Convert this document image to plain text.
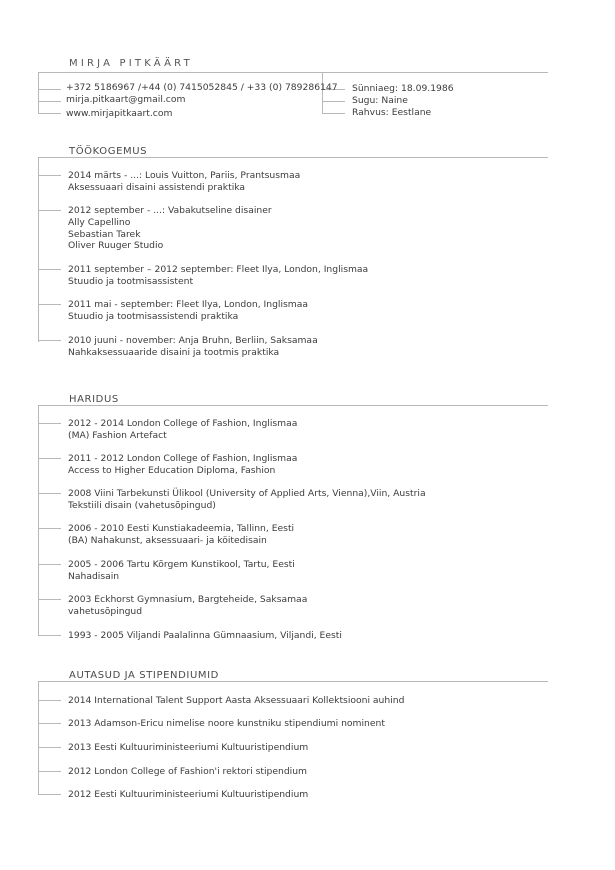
MIRJA PITKÄÄRT
+372 5186967 /+44 (0) 7415052845 / +33 (0) 789286147
mirja.pitkaart@gmail.com
www.mirjapitkaart.com
Sünniaeg: 18.09.1986
Sugu: Naine
Rahvus: Eestlane
TÖÖKOGEMUS
2014 märts - ...: Louis Vuitton, Pariis, Prantsusmaa
Aksessuaari disaini assistendi praktika
2012 september - ...: Vabakutseline disainer
Ally Capellino
Sebastian Tarek
Oliver Ruuger Studio
2011 september – 2012 september: Fleet Ilya, London, Inglismaa
Stuudio ja tootmisassistent
2011 mai - september: Fleet Ilya, London, Inglismaa
Stuudio ja tootmisassistendi praktika
2010 juuni - november: Anja Bruhn, Berliin, Saksamaa
Nahkaksessuaaride disaini ja tootmis praktika
HARIDUS
2012 - 2014 London College of Fashion, Inglismaa
(MA) Fashion Artefact
2011 - 2012 London College of Fashion, Inglismaa
Access to Higher Education Diploma, Fashion
2008 Viini Tarbekunsti Ülikool (University of Applied Arts, Vienna),Viin, Austria
Tekstiili disain (vahetusõpingud)
2006 - 2010 Eesti Kunstiakadeemia, Tallinn, Eesti
(BA) Nahakunst, aksessuaari- ja köitedisain
2005 - 2006 Tartu Kõrgem Kunstikool, Tartu, Eesti
Nahadisain
2003 Eckhorst Gymnasium, Bargteheide, Saksamaa
vahetusõpingud
1993 - 2005 Viljandi Paalalinna Gümnaasium, Viljandi, Eesti
AUTASUD JA STIPENDIUMID
2014 International Talent Support Aasta Aksessuaari Kollektsiooni auhind
2013 Adamson-Ericu nimelise noore kunstniku stipendiumi nominent
2013 Eesti Kultuuriministeeriumi Kultuuristipendium
2012 London College of Fashion'i rektori stipendium
2012 Eesti Kultuuriministeeriumi Kultuuristipendium
